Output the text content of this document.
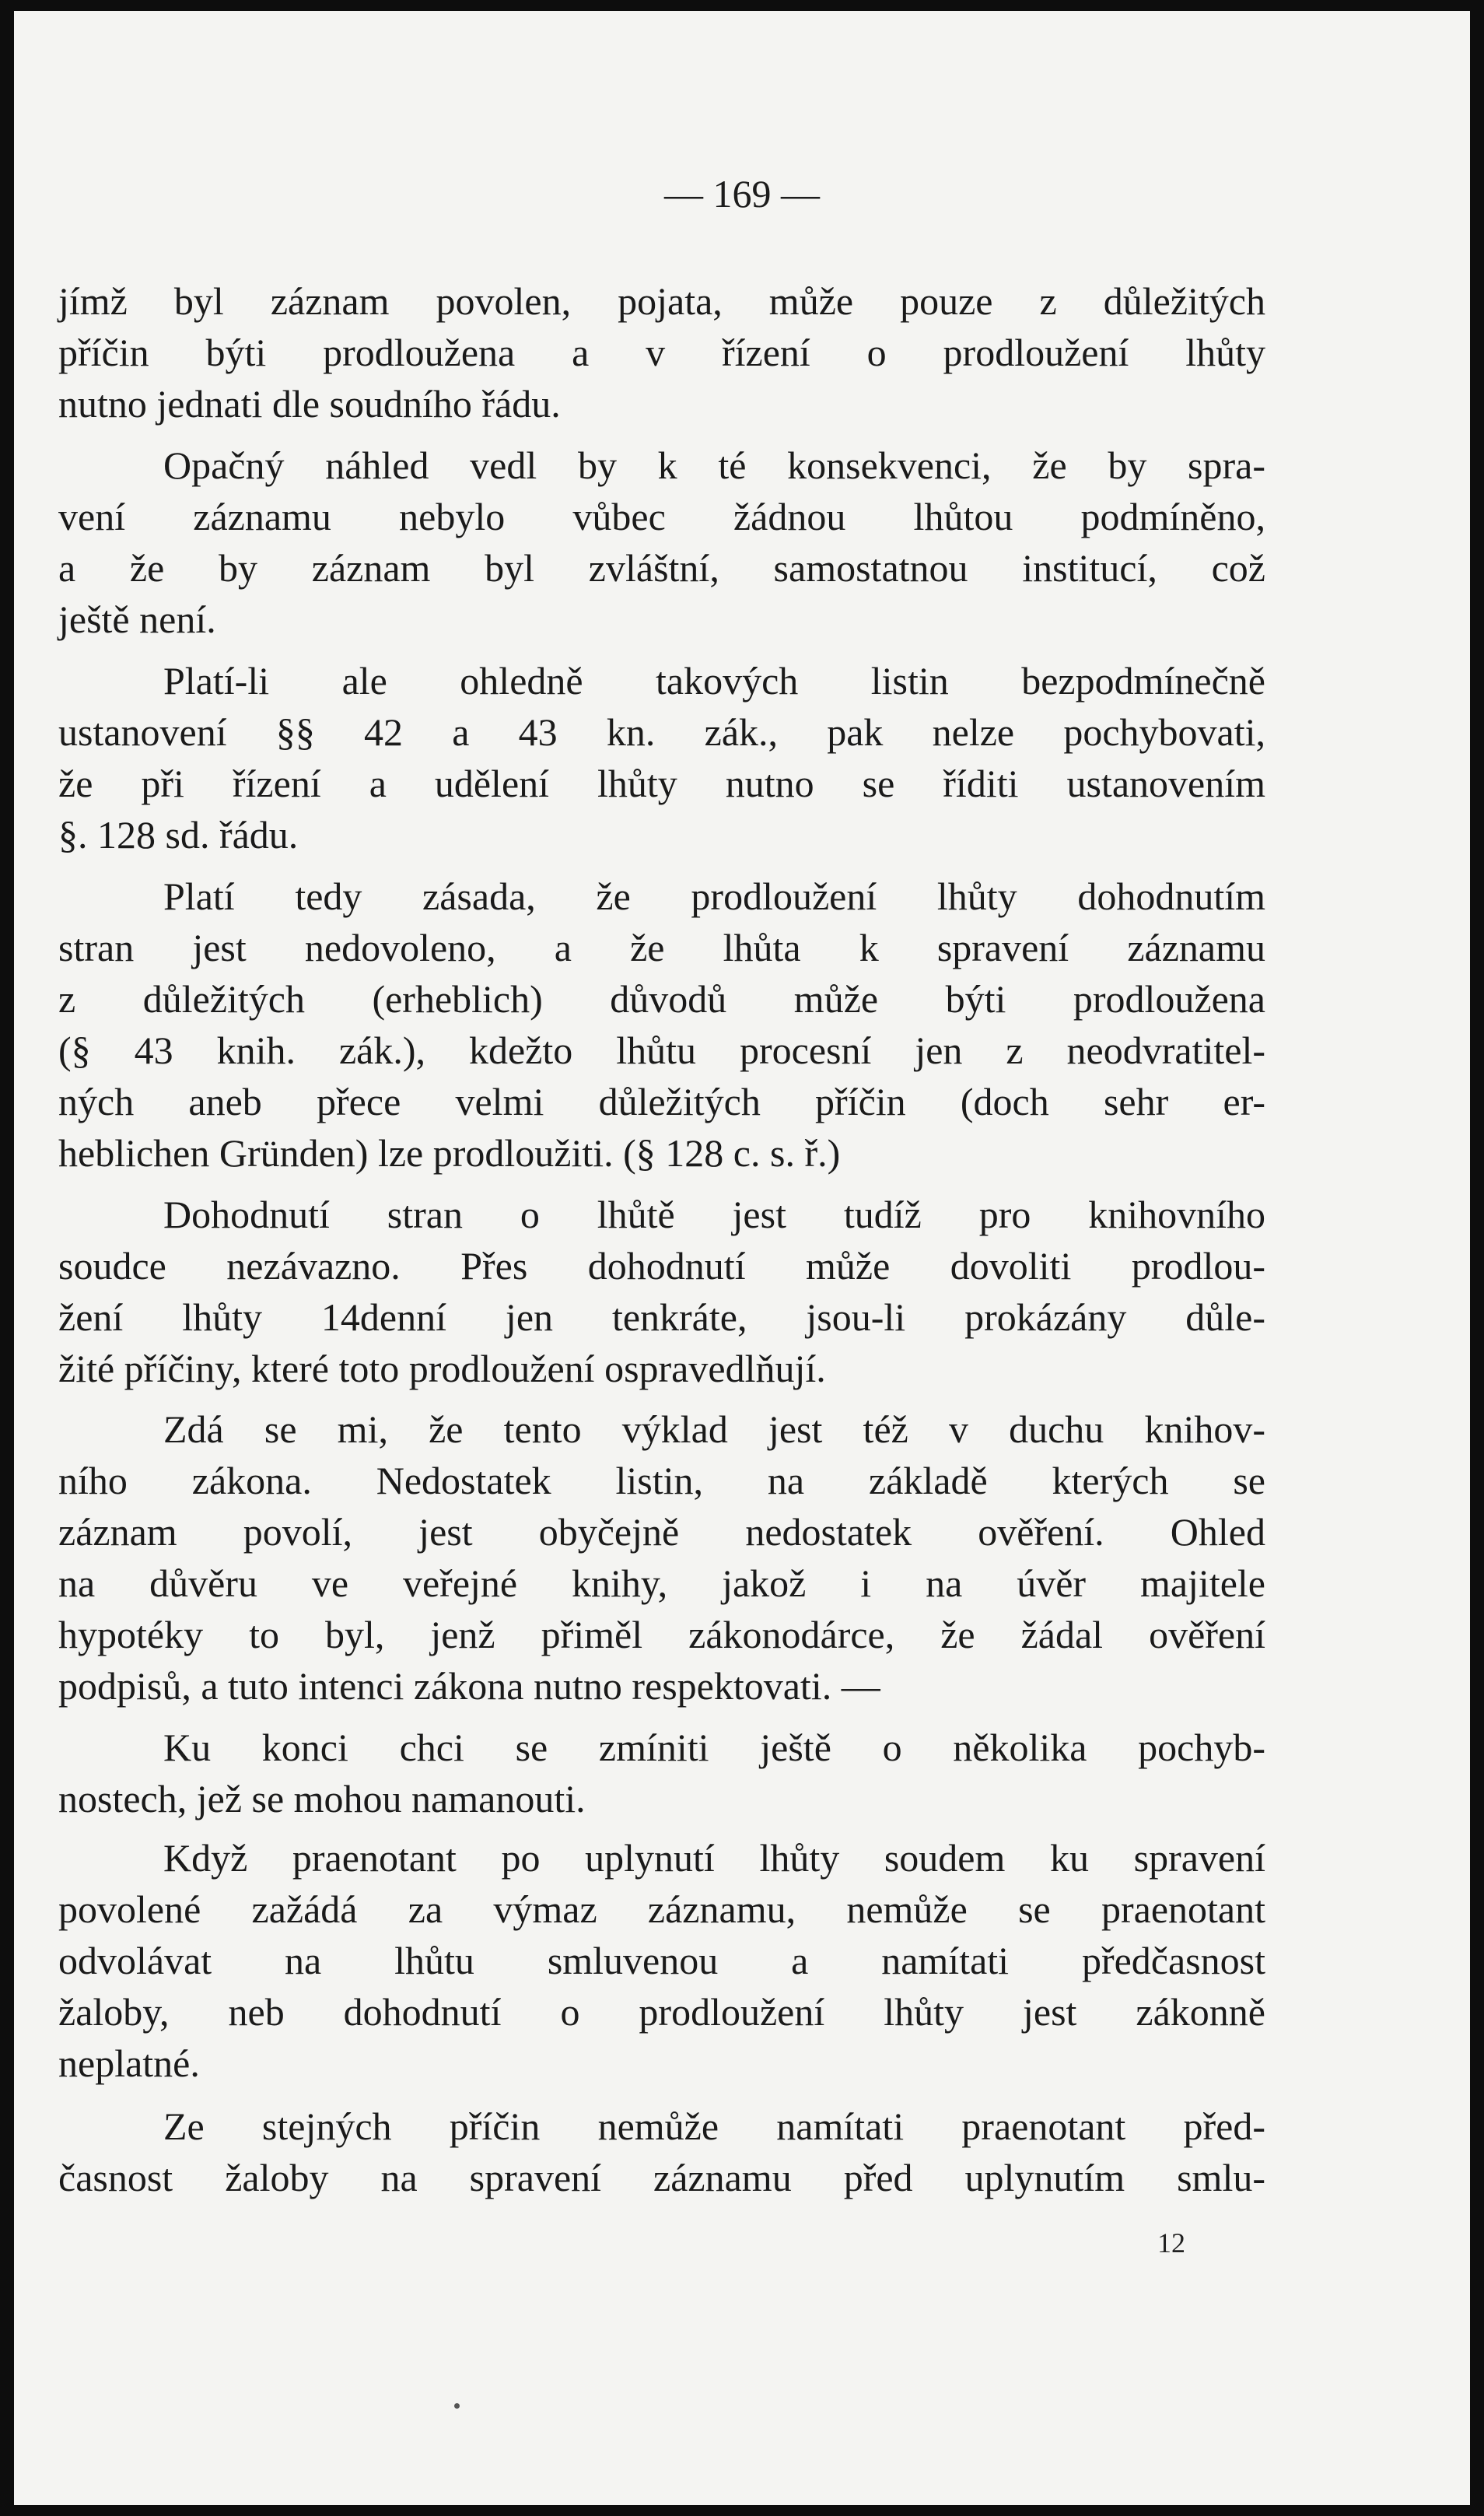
— 169 —

jímž byl záznam povolen, pojata, může pouze z důležitých
příčin býti prodloužena a v řízení o prodloužení lhůty
nutno jednati dle soudního řádu.

Opačný náhled vedl by k té konsekvenci, že by spra-
vení záznamu nebylo vůbec žádnou lhůtou podmíněno,
a že by záznam byl zvláštní, samostatnou institucí, což
ještě není.

Platí-li ale ohledně takových listin bezpodmínečně
ustanovení §§ 42 a 43 kn. zák., pak nelze pochybovati,
že při řízení a udělení lhůty nutno se říditi ustanovením
§. 128 sd. řádu.

Platí tedy zásada, že prodloužení lhůty dohodnutím
stran jest nedovoleno, a že lhůta k spravení záznamu
z důležitých (erheblich) důvodů může býti prodloužena
(§ 43 knih. zák.), kdežto lhůtu procesní jen z neodvratitel-
ných aneb přece velmi důležitých příčin (doch sehr er-
heblichen Gründen) lze prodloužiti. (§ 128 c. s. ř.)

Dohodnutí stran o lhůtě jest tudíž pro knihovního
soudce nezávazno. Přes dohodnutí může dovoliti prodlou-
žení lhůty 14denní jen tenkráte, jsou-li prokázány důle-
žité příčiny, které toto prodloužení ospravedlňují.

Zdá se mi, že tento výklad jest též v duchu knihov-
ního zákona. Nedostatek listin, na základě kterých se
záznam povolí, jest obyčejně nedostatek ověření. Ohled
na důvěru ve veřejné knihy, jakož i na úvěr majitele
hypotéky to byl, jenž přiměl zákonodárce, že žádal ověření
podpisů, a tuto intenci zákona nutno respektovati. —

Ku konci chci se zmíniti ještě o několika pochyb-
nostech, jež se mohou namanouti.

Když praenotant po uplynutí lhůty soudem ku spravení
povolené zažádá za výmaz záznamu, nemůže se praenotant
odvolávat na lhůtu smluvenou a namítati předčasnost
žaloby, neb dohodnutí o prodloužení lhůty jest zákonně
neplatné.

Ze stejných příčin nemůže namítati praenotant před-
časnost žaloby na spravení záznamu před uplynutím smlu-

12
